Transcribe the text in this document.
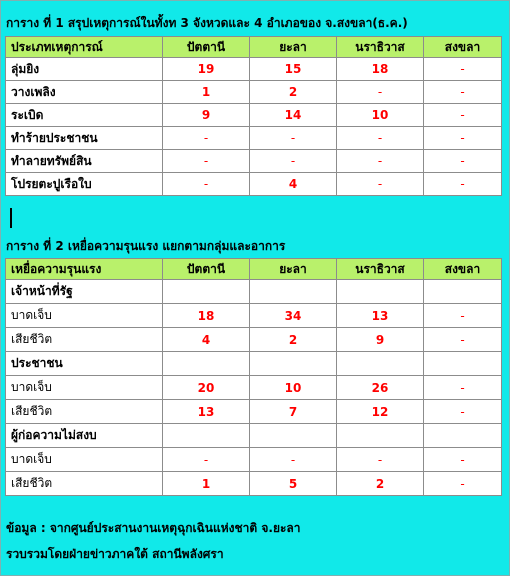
การาง ที่ 1 สรุปเหตุการณ์ในทั้งท 3 จังหวดและ 4 อำเภอของ จ.สงขลา(ธ.ค.)
ประเภทเหตุการณ์	ปัตตานี	ยะลา	นราธิวาส	สงขลา
ลุ่มยิง	19	15	18	-
วางเพลิง	1	2	-	-
ระเบิด	9	14	10	-
ทำร้ายประชาชน	-	-	-	-
ทำลายทรัพย์สิน	-	-	-	-
โปรยตะปูเรือใบ	-	4	-	-
การาง ที่ 2 เหยื่อความรุนแรง แยกตามกลุ่มและอาการ
เหยื่อความรุนแรง	ปัตตานี	ยะลา	นราธิวาส	สงขลา
เจ้าหน้าที่รัฐ				
บาดเจ็บ	18	34	13	-
เสียชีวิต	4	2	9	-
ประชาชน				
บาดเจ็บ	20	10	26	-
เสียชีวิต	13	7	12	-
ผู้ก่อความไม่สงบ				
บาดเจ็บ	-	-	-	-
เสียชีวิต	1	5	2	-
ข้อมูล : จากศูนย์ประสานงานเหตุฉุกเฉินแห่งชาติ จ.ยะลา
รวบรวมโดยฝ่ายข่าวภาคใต้ สถานีพลังศรา
